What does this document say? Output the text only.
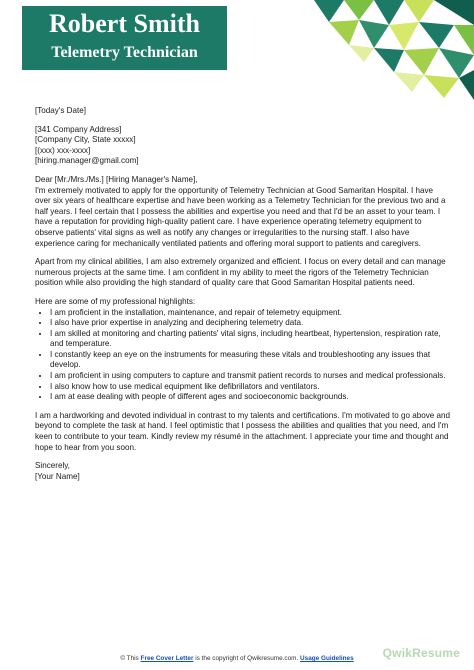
Robert Smith
Telemetry Technician

[Today's Date]

[341 Company Address]

[Company City, State xxxxx]

[(xxx) xxx-xxxx]

[hiring.manager@gmail.com]

Dear [Mr./Mrs./Ms.] [Hiring Manager's Name],

I'm extremely motivated to apply for the opportunity of Telemetry Technician at Good Samaritan Hospital. I have over six years of healthcare expertise and have been working as a Telemetry Technician for the previous two and a half years. I feel certain that I possess the abilities and expertise you need and that I'd be an asset to your team. I have a reputation for providing high-quality patient care. I have experience operating telemetry equipment to observe patients' vital signs as well as notify any changes or irregularities to the nursing staff. I also have experience caring for mechanically ventilated patients and offering moral support to patients and caregivers.

Apart from my clinical abilities, I am also extremely organized and efficient. I focus on every detail and can manage numerous projects at the same time. I am confident in my ability to meet the rigors of the Telemetry Technician position while also providing the high standard of quality care that Good Samaritan Hospital patients need.

Here are some of my professional highlights:

• I am proficient in the installation, maintenance, and repair of telemetry equipment.
• I also have prior expertise in analyzing and deciphering telemetry data.
• I am skilled at monitoring and charting patients' vital signs, including heartbeat, hypertension, respiration rate, and temperature.
• I constantly keep an eye on the instruments for measuring these vitals and troubleshooting any issues that develop.
• I am proficient in using computers to capture and transmit patient records to nurses and medical professionals.
• I also know how to use medical equipment like defibrillators and ventilators.
• I am at ease dealing with people of different ages and socioeconomic backgrounds.

I am a hardworking and devoted individual in contrast to my talents and certifications. I'm motivated to go above and beyond to complete the task at hand. I feel optimistic that I possess the abilities and qualities that you need, and I'm keen to contribute to your team. Kindly review my résumé in the attachment. I appreciate your time and thought and hope to hear from you soon.

Sincerely,

[Your Name]

QwikResume
© This Free Cover Letter is the copyright of Qwikresume.com. Usage Guidelines
